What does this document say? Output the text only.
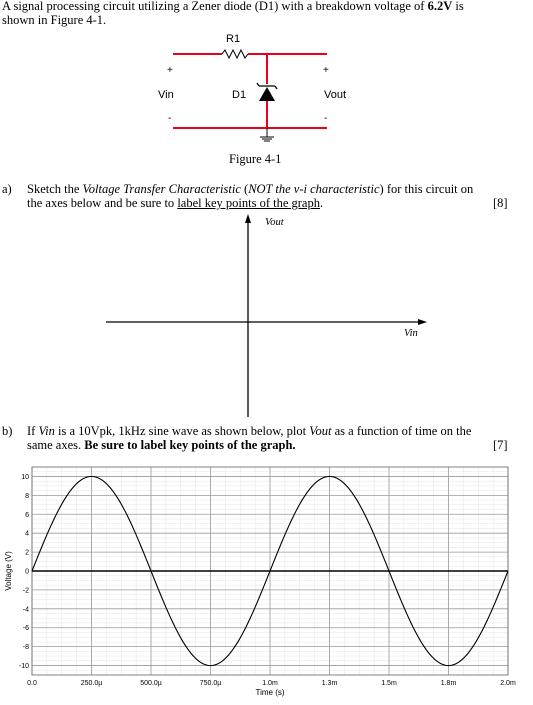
A signal processing circuit utilizing a Zener diode (D1) with a breakdown voltage of 6.2V is
shown in Figure 4-1.
R1
D1
Vin	Vout
+	+
-	-
Figure 4-1
a) Sketch the Voltage Transfer Characteristic (NOT the v-i characteristic) for this circuit on
the axes below and be sure to label key points of the graph.	[8]
Vout
Vin
b) If Vin is a 10Vpk, 1kHz sine wave as shown below, plot Vout as a function of time on the
same axes. Be sure to label key points of the graph.	[7]
10
8
6
4
2
0
-2
-4
-6
-8
-10
0.0	250.0µ	500.0µ	750.0µ	1.0m	1.3m	1.5m	1.8m	2.0m
Time (s)
Voltage (V)
